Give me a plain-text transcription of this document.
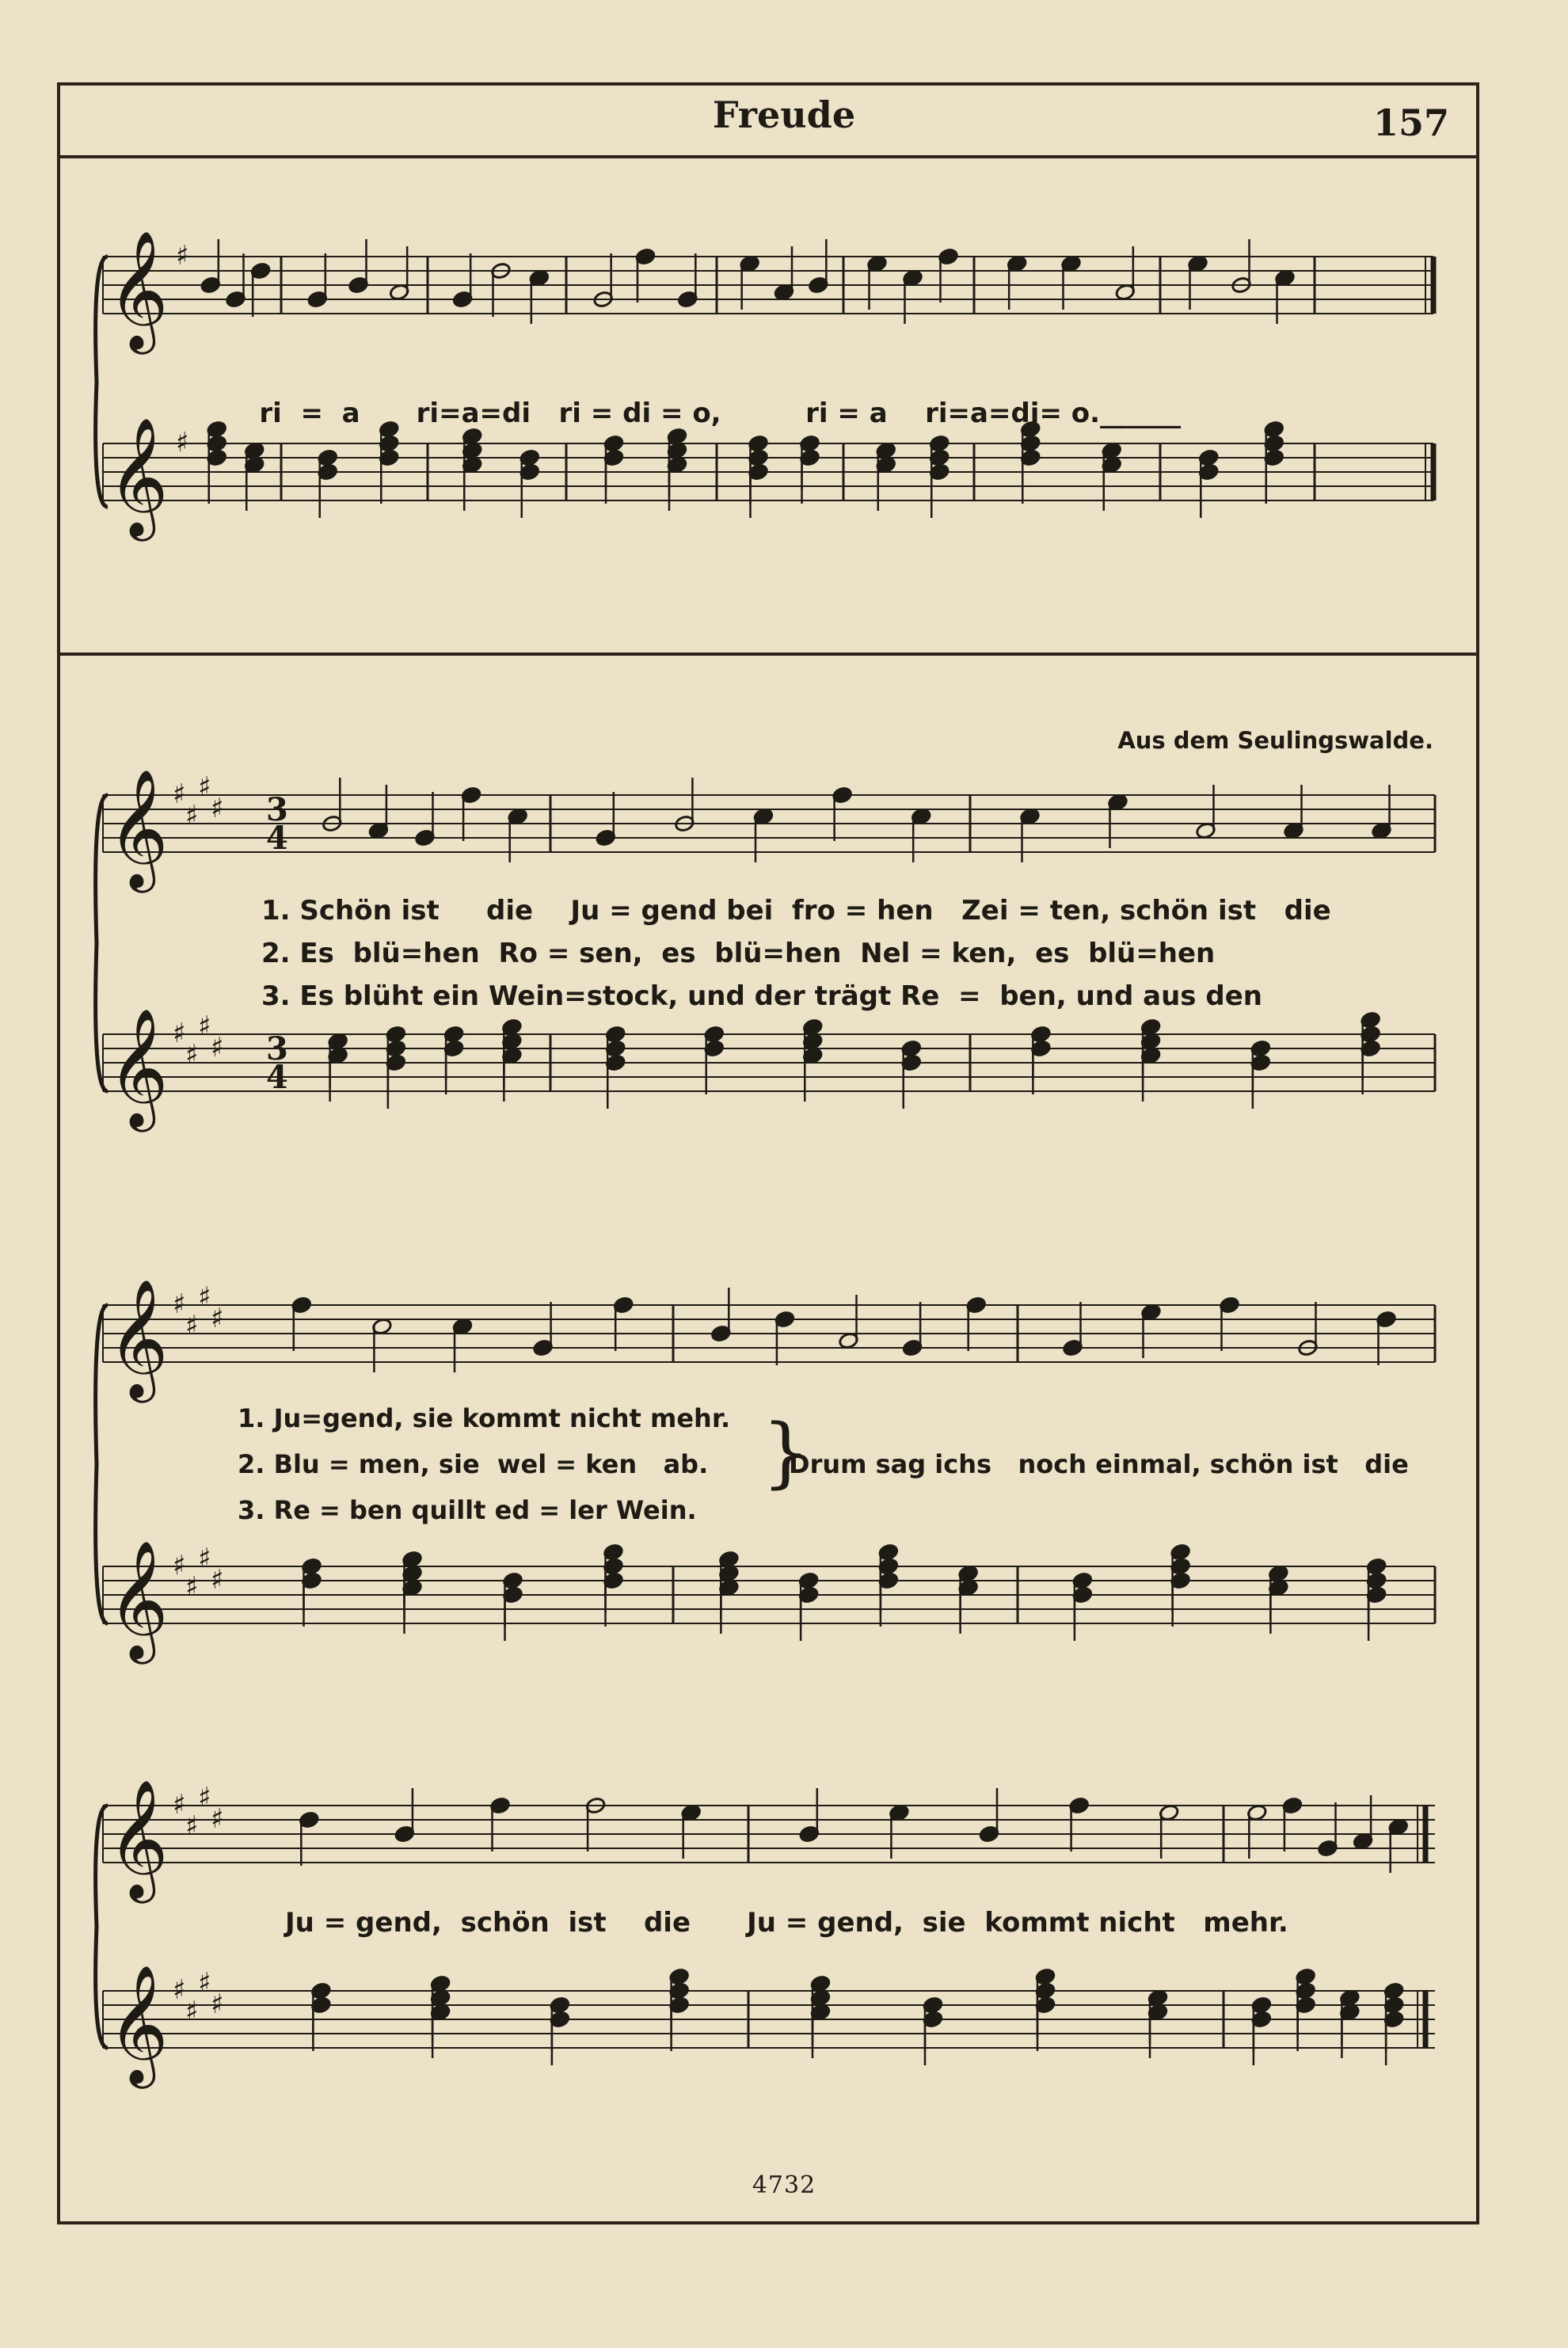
Freude	157
𝄞 ♯
𝄞 ♯
𝄞 ♯
♯
♯
♯ 3
4
𝄞 ♯
♯
♯
♯ 3
4
𝄞 ♯
♯
♯
♯
𝄞 ♯
♯
♯
♯
𝄞 ♯
♯
♯
♯
𝄞 ♯
♯
♯
♯

ri = a ri=a=di ri = di = o,	ri = a ri=a=di= o.______

Aus dem Seulingswalde.
1. Schön ist die Ju = gend bei fro = hen Zei = ten, schön ist die
2. Es blü=hen Ro = sen, es blü=hen Nel = ken, es blü=hen
3. Es blüht ein Wein=stock, und der trägt Re = ben, und aus den
1. Ju=gend, sie kommt nicht mehr.
2. Blu = men, sie wel = ken ab.
3. Re = ben quillt ed = ler Wein.
}
Drum sag ichs noch einmal, schön ist die
Ju = gend, schön ist die Ju = gend, sie kommt nicht mehr.
4732
